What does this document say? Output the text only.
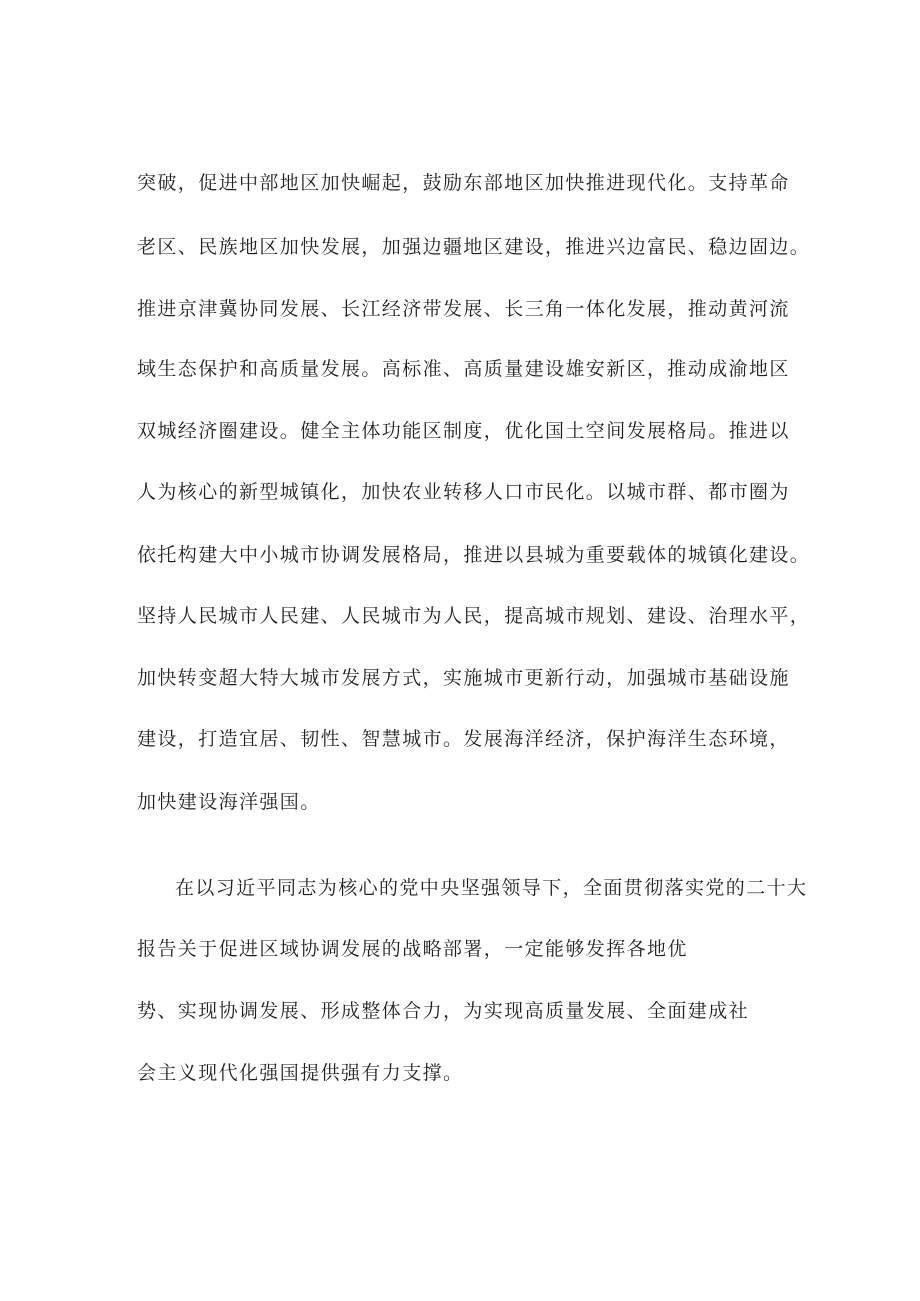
突破，促进中部地区加快崛起，鼓励东部地区加快推进现代化。支持革命
老区、民族地区加快发展，加强边疆地区建设，推进兴边富民、稳边固边。
推进京津冀协同发展、长江经济带发展、长三角一体化发展，推动黄河流
域生态保护和高质量发展。高标准、高质量建设雄安新区，推动成渝地区
双城经济圈建设。健全主体功能区制度，优化国土空间发展格局。推进以
人为核心的新型城镇化，加快农业转移人口市民化。以城市群、都市圈为
依托构建大中小城市协调发展格局，推进以县城为重要载体的城镇化建设。
坚持人民城市人民建、人民城市为人民，提高城市规划、建设、治理水平，
加快转变超大特大城市发展方式，实施城市更新行动，加强城市基础设施
建设，打造宜居、韧性、智慧城市。发展海洋经济，保护海洋生态环境，
加快建设海洋强国。
在以习近平同志为核心的党中央坚强领导下，全面贯彻落实党的二十大
报告关于促进区域协调发展的战略部署，一定能够发挥各地优
势、实现协调发展、形成整体合力，为实现高质量发展、全面建成社
会主义现代化强国提供强有力支撑。
